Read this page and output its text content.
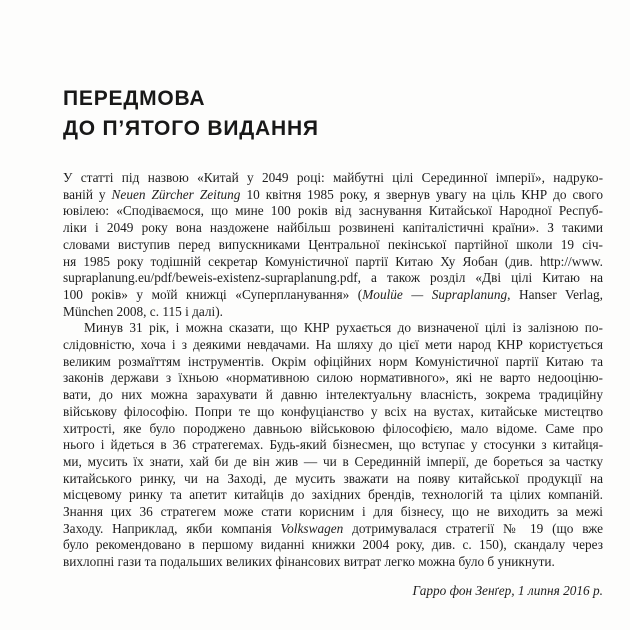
ПЕРЕДМОВА
ДО П’ЯТОГО ВИДАННЯ
У статті під назвою «Китай у 2049 році: майбутні цілі Серединної імперії», надруко-
ваній у Neuen Zürcher Zeitung 10 квітня 1985 року, я звернув увагу на ціль КНР до свого
ювілею: «Сподіваємося, що мине 100 років від заснування Китайської Народної Респуб-
ліки і 2049 року вона наздожене найбільш розвинені капіталістичні країни». З такими
словами виступив перед випускниками Центральної пекінської партійної школи 19 січ-
ня 1985 року тодішній секретар Комуністичної партії Китаю Ху Яобан (див. http://www.
supraplanung.eu/pdf/beweis-existenz-supraplanung.pdf, а також розділ «Дві цілі Китаю на
100 років» у моїй книжці «Суперпланування» (Moulüe — Supraplanung, Hanser Verlag,
München 2008, с. 115 і далі).
Минув 31 рік, і можна сказати, що КНР рухається до визначеної цілі із залізною по-
слідовністю, хоча і з деякими невдачами. На шляху до цієї мети народ КНР користується
великим розмаїттям інструментів. Окрім офіційних норм Комуністичної партії Китаю та
законів держави з їхньою «нормативною силою нормативного», які не варто недооціню-
вати, до них можна зарахувати й давню інтелектуальну власність, зокрема традиційну
військову філософію. Попри те що конфуціанство у всіх на вустах, китайське мистецтво
хитрості, яке було породжено давньою військовою філософією, мало відоме. Саме про
нього і йдеться в 36 стратегемах. Будь-який бізнесмен, що вступає у стосунки з китайця-
ми, мусить їх знати, хай би де він жив — чи в Серединній імперії, де бореться за частку
китайського ринку, чи на Заході, де мусить зважати на появу китайської продукції на
місцевому ринку та апетит китайців до західних брендів, технологій та цілих компаній.
Знання цих 36 стратегем може стати корисним і для бізнесу, що не виходить за межі
Заходу. Наприклад, якби компанія Volkswagen дотримувалася стратегії № 19 (що вже
було рекомендовано в першому виданні книжки 2004 року, див. с. 150), скандалу через
вихлопні гази та подальших великих фінансових витрат легко можна було б уникнути.
Гарро фон Зенґер, 1 липня 2016 р.
